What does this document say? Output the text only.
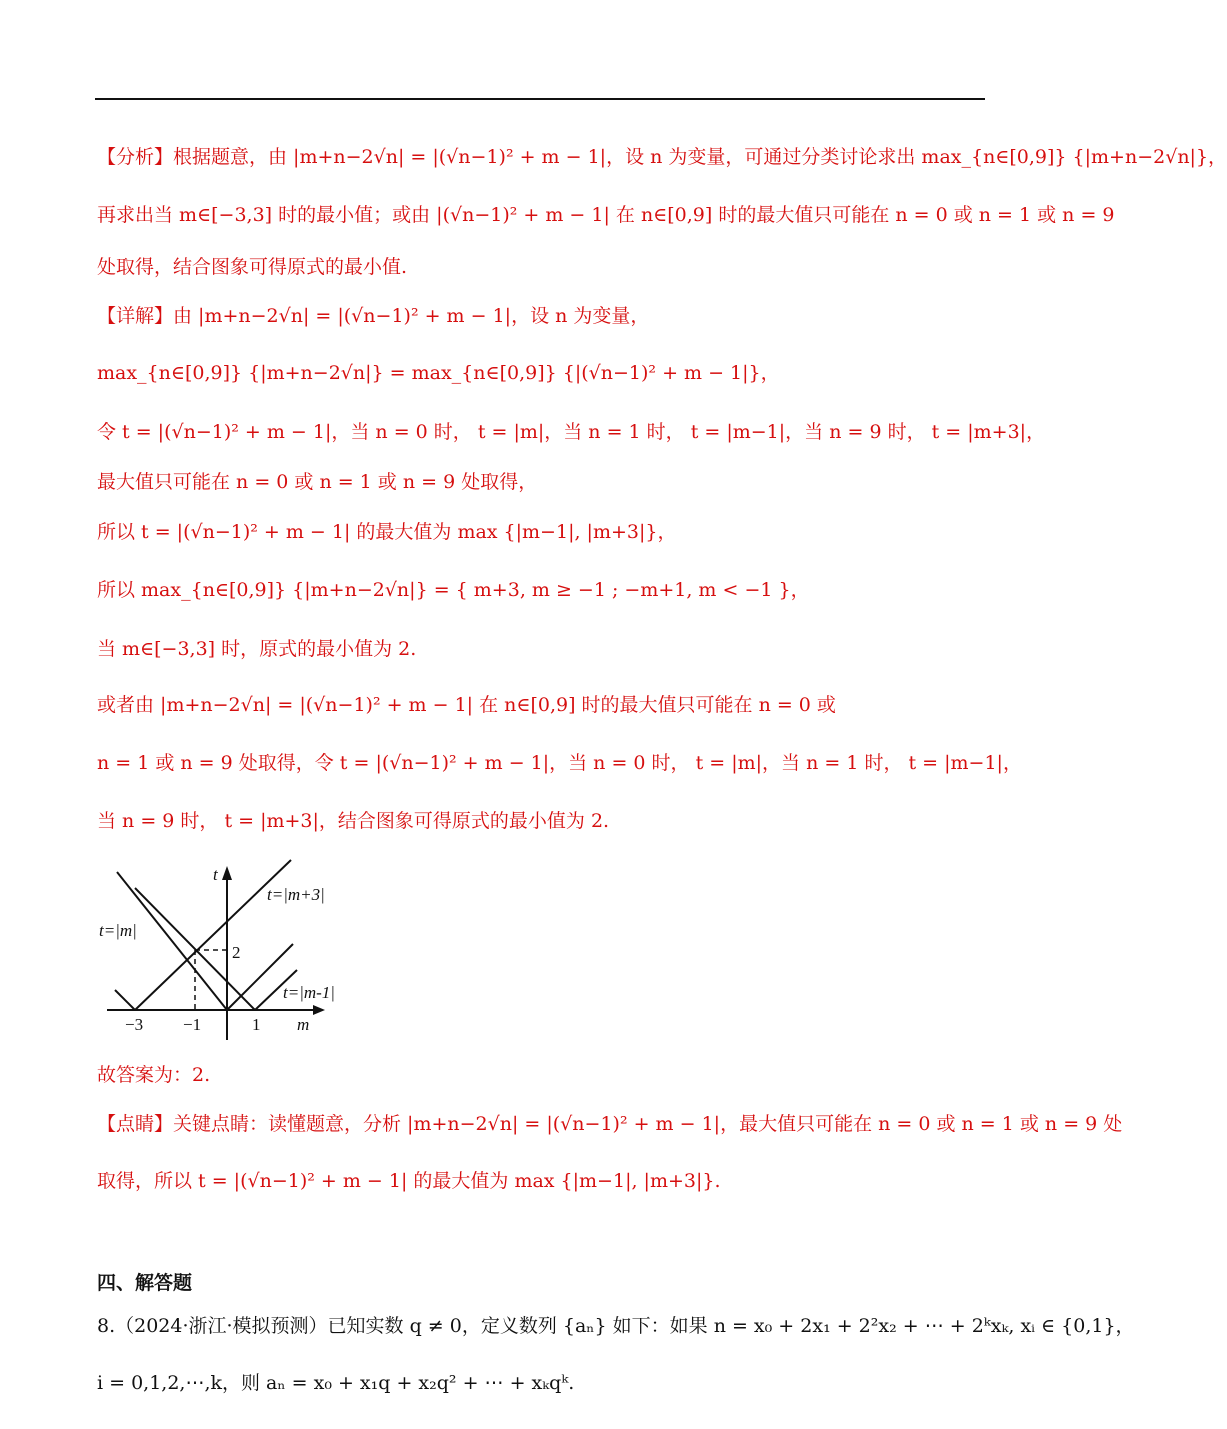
【分析】根据题意，由 |m+n−2√n| = |(√n−1)² + m − 1|，设 n 为变量，可通过分类讨论求出 max_{n∈[0,9]} {|m+n−2√n|}，
再求出当 m∈[−3,3] 时的最小值；或由 |(√n−1)² + m − 1| 在 n∈[0,9] 时的最大值只可能在 n = 0 或 n = 1 或 n = 9
处取得，结合图象可得原式的最小值.
【详解】由 |m+n−2√n| = |(√n−1)² + m − 1|，设 n 为变量，
max_{n∈[0,9]} {|m+n−2√n|} = max_{n∈[0,9]} {|(√n−1)² + m − 1|}，
令 t = |(√n−1)² + m − 1|，当 n = 0 时， t = |m|，当 n = 1 时， t = |m−1|，当 n = 9 时， t = |m+3|，
最大值只可能在 n = 0 或 n = 1 或 n = 9 处取得，
所以 t = |(√n−1)² + m − 1| 的最大值为 max {|m−1|, |m+3|}，
所以 max_{n∈[0,9]} {|m+n−2√n|} = { m+3, m ≥ −1 ; −m+1, m < −1 }，
当 m∈[−3,3] 时，原式的最小值为 2.
或者由 |m+n−2√n| = |(√n−1)² + m − 1| 在 n∈[0,9] 时的最大值只可能在 n = 0 或
n = 1 或 n = 9 处取得，令 t = |(√n−1)² + m − 1|，当 n = 0 时， t = |m|，当 n = 1 时， t = |m−1|，
当 n = 9 时， t = |m+3|，结合图象可得原式的最小值为 2.
t
m
t=|m+3|
t=|m|
t=|m-1|
2
−3 −1	1
故答案为：2.
【点睛】关键点睛：读懂题意，分析 |m+n−2√n| = |(√n−1)² + m − 1|，最大值只可能在 n = 0 或 n = 1 或 n = 9 处
取得，所以 t = |(√n−1)² + m − 1| 的最大值为 max {|m−1|, |m+3|}.
四、解答题
8.（2024·浙江·模拟预测）已知实数 q ≠ 0，定义数列 {aₙ} 如下：如果 n = x₀ + 2x₁ + 2²x₂ + ⋯ + 2ᵏxₖ, xᵢ ∈ {0,1}，
i = 0,1,2,⋯,k，则 aₙ = x₀ + x₁q + x₂q² + ⋯ + xₖqᵏ.
